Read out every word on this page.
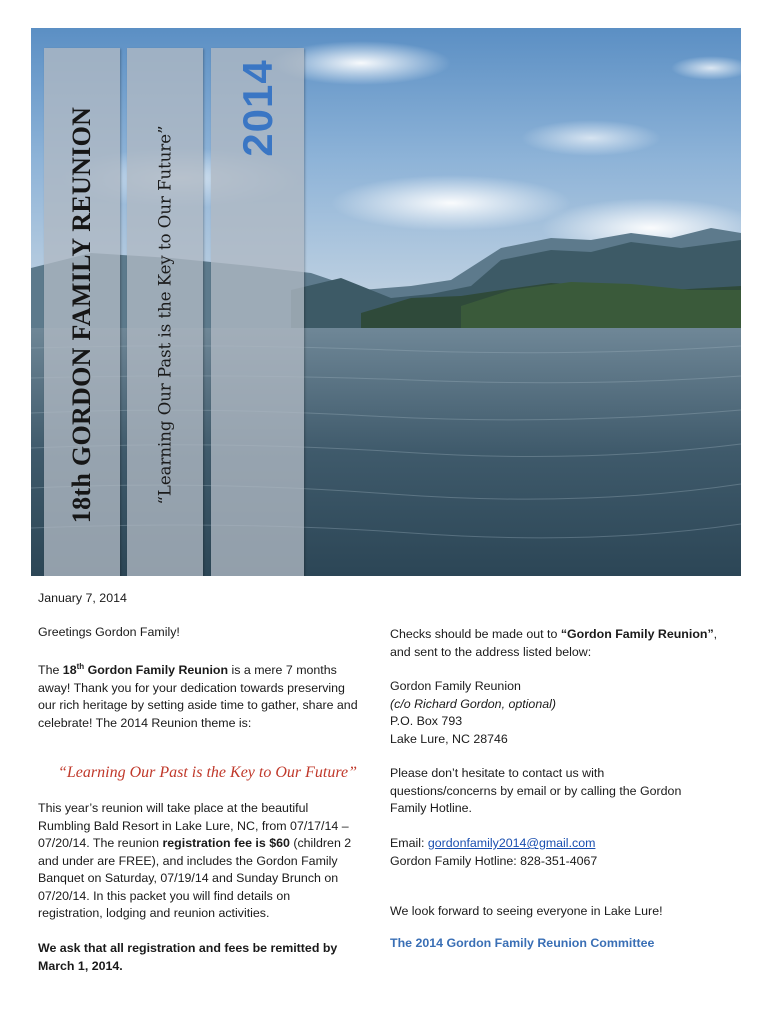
18th GORDON FAMILY REUNION	“Learning Our Past is the Key to Our Future”
2014
January 7, 2014
Greetings Gordon Family!
The 18th Gordon Family Reunion is a mere 7 months away! Thank you for your dedication towards preserving our rich heritage by setting aside time to gather, share and celebrate! The 2014 Reunion theme is:
“Learning Our Past is the Key to Our Future”
This year’s reunion will take place at the beautiful Rumbling Bald Resort in Lake Lure, NC, from 07/17/14 – 07/20/14. The reunion registration fee is $60 (children 2 and under are FREE), and includes the Gordon Family Banquet on Saturday, 07/19/14 and Sunday Brunch on 07/20/14. In this packet you will find details on registration, lodging and reunion activities.
We ask that all registration and fees be remitted by March 1, 2014.
Checks should be made out to “Gordon Family Reunion”, and sent to the address listed below:

Gordon Family Reunion

(c/o Richard Gordon, optional)

P.O. Box 793

Lake Lure, NC 28746

Please don’t hesitate to contact us with questions/concerns by email or by calling the Gordon Family Hotline.

Email: gordonfamily2014@gmail.com

Gordon Family Hotline: 828-351-4067

We look forward to seeing everyone in Lake Lure!
The 2014 Gordon Family Reunion Committee
